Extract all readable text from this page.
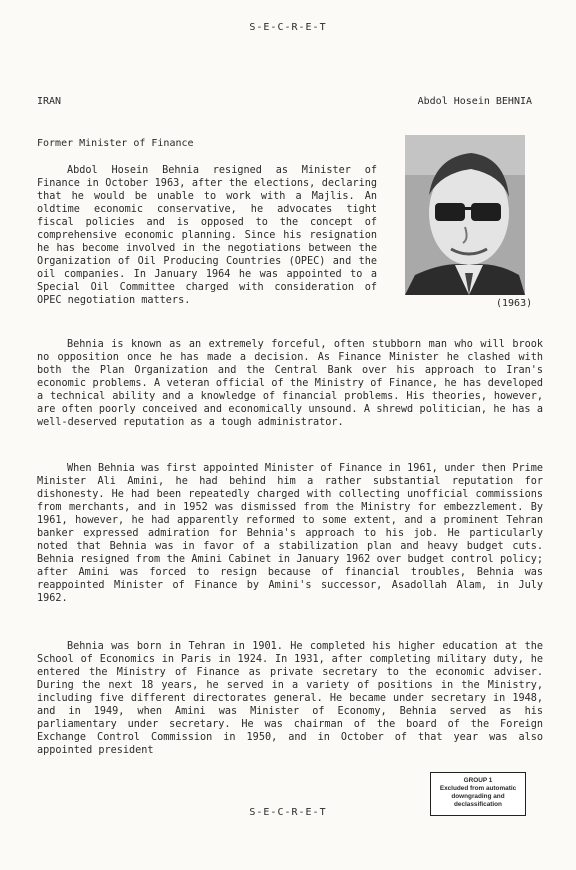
S-E-C-R-E-T
IRAN	Abdol Hosein BEHNIA
Former Minister of Finance
(1963)

Abdol Hosein Behnia resigned as Minister of Finance in October 1963, after the elections, declaring that he would be unable to work with a Majlis. An oldtime economic conservative, he advocates tight fiscal policies and is opposed to the concept of comprehensive economic planning. Since his resignation he has become involved in the negotiations between the Organization of Oil Producing Countries (OPEC) and the oil companies. In January 1964 he was appointed to a Special Oil Committee charged with consideration of OPEC negotiation matters.

Behnia is known as an extremely forceful, often stubborn man who will brook no opposition once he has made a decision. As Finance Minister he clashed with both the Plan Organization and the Central Bank over his approach to Iran's economic problems. A veteran official of the Ministry of Finance, he has developed a technical ability and a knowledge of financial problems. His theories, however, are often poorly conceived and economically unsound. A shrewd politician, he has a well-deserved reputation as a tough administrator.

When Behnia was first appointed Minister of Finance in 1961, under then Prime Minister Ali Amini, he had behind him a rather substantial reputation for dishonesty. He had been repeatedly charged with collecting unofficial commissions from merchants, and in 1952 was dismissed from the Ministry for embezzlement. By 1961, however, he had apparently reformed to some extent, and a prominent Tehran banker expressed admiration for Behnia's approach to his job. He particularly noted that Behnia was in favor of a stabilization plan and heavy budget cuts. Behnia resigned from the Amini Cabinet in January 1962 over budget control policy; after Amini was forced to resign because of financial troubles, Behnia was reappointed Minister of Finance by Amini's successor, Asadollah Alam, in July 1962.

Behnia was born in Tehran in 1901. He completed his higher education at the School of Economics in Paris in 1924. In 1931, after completing military duty, he entered the Ministry of Finance as private secretary to the economic adviser. During the next 18 years, he served in a variety of positions in the Ministry, including five different directorates general. He became under secretary in 1948, and in 1949, when Amini was Minister of Economy, Behnia served as his parliamentary under secretary. He was chairman of the board of the Foreign Exchange Control Commission in 1950, and in October of that year was also appointed president

GROUP 1
Excluded from automatic
downgrading and
declassification
S-E-C-R-E-T
